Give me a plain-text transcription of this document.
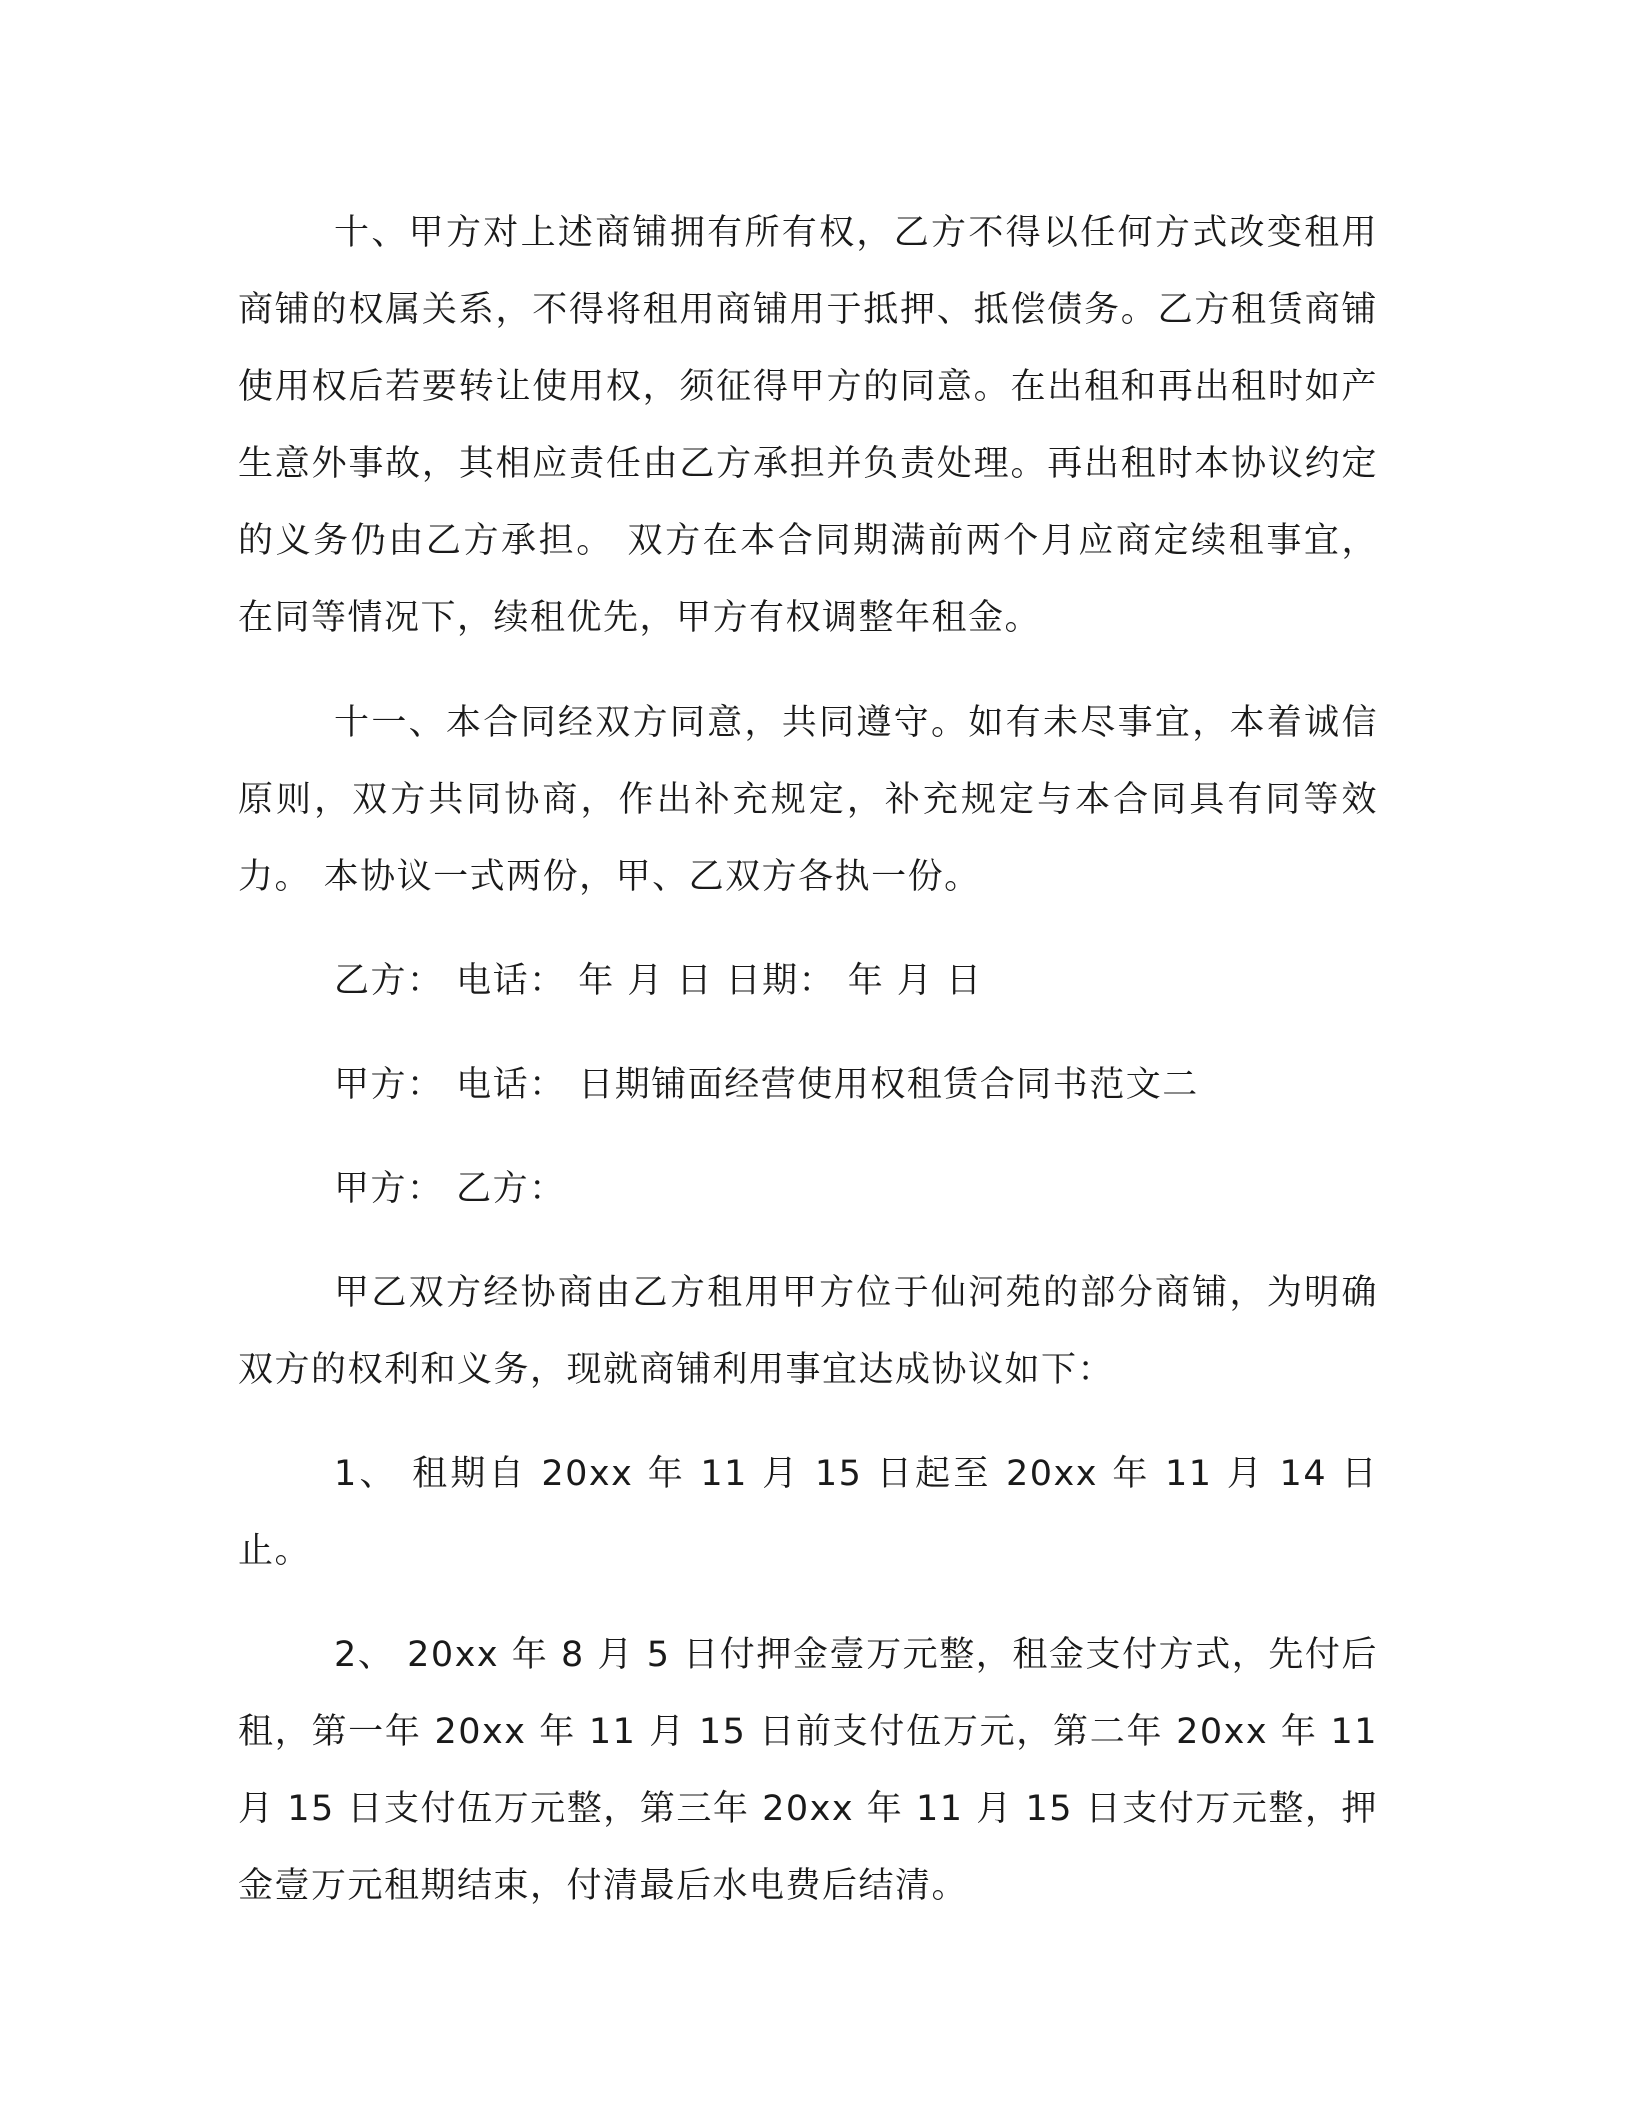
十、甲方对上述商铺拥有所有权，乙方不得以任何方式改变租用商铺的权属关系，不得将租用商铺用于抵押、抵偿债务。乙方租赁商铺使用权后若要转让使用权，须征得甲方的同意。在出租和再出租时如产生意外事故，其相应责任由乙方承担并负责处理。再出租时本协议约定的义务仍由乙方承担。 双方在本合同期满前两个月应商定续租事宜，在同等情况下，续租优先，甲方有权调整年租金。

十一、本合同经双方同意，共同遵守。如有未尽事宜，本着诚信原则，双方共同协商，作出补充规定，补充规定与本合同具有同等效力。 本协议一式两份，甲、乙双方各执一份。

乙方： 电话： 年 月 日 日期： 年 月 日

甲方： 电话： 日期铺面经营使用权租赁合同书范文二

甲方： 乙方：

甲乙双方经协商由乙方租用甲方位于仙河苑的部分商铺，为明确双方的权利和义务，现就商铺利用事宜达成协议如下：

1、 租期自 20xx 年 11 月 15 日起至 20xx 年 11 月 14 日止。

2、 20xx 年 8 月 5 日付押金壹万元整，租金支付方式，先付后租，第一年 20xx 年 11 月 15 日前支付伍万元，第二年 20xx 年 11 月 15 日支付伍万元整，第三年 20xx 年 11 月 15 日支付万元整，押金壹万元租期结束，付清最后水电费后结清。
